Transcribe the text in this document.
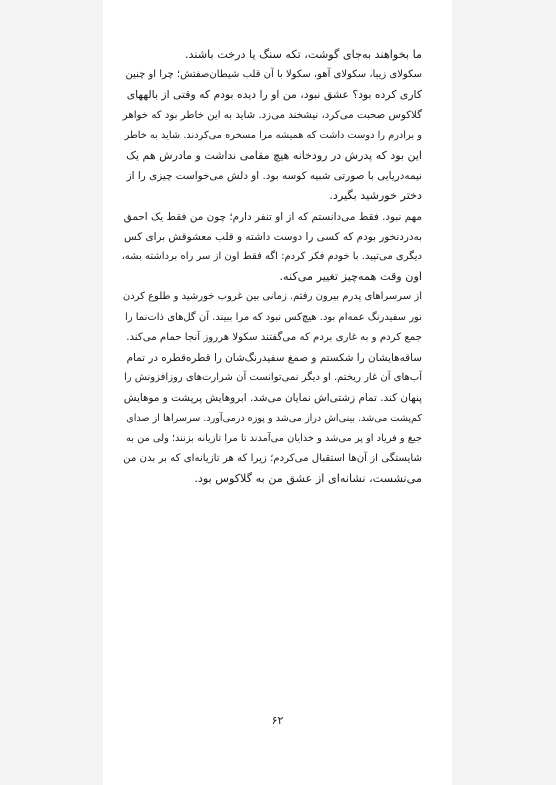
ما بخواهند به‌جای گوشت، تکه سنگ یا درخت باشند.
سکولای زیبا، سکولای آهو، سکولا با آن قلب شیطان‌صفتش؛ چرا او چنین
کاری کرده بود؟ عشق نبود، من او را دیده بودم که وقتی از بالههای
گلاکوس صحبت می‌کرد، نیشخند می‌زد. شاید به این خاطر بود که خواهر
و برادرم را دوست داشت که همیشه مرا مسخره می‌کردند. شاید به خاطر
این بود که پدرش در رودخانه هیچ مقامی نداشت و مادرش هم یک
نیمه‌دریایی با صورتی شبیه کوسه بود. او دلش می‌خواست چیزی را از
دختر خورشید بگیرد.
مهم نبود. فقط می‌دانستم که از او تنفر دارم؛ چون من فقط یک احمق
به‌دردنخور بودم که کسی را دوست داشته و قلب معشوقش برای کس
دیگری می‌تپید. با خودم فکر کردم: اگه فقط اون از سر راه برداشته بشه،
اون وقت همه‌چیز تغییر می‌کنه.
از سرسراهای پدرم بیرون رفتم. زمانی بین غروب خورشید و طلوع کردن
نور سفیدرنگ عمه‌ام بود. هیچ‌کس نبود که مرا ببیند. آن گل‌های ذات‌نما را
جمع کردم و به غاری بردم که می‌گفتند سکولا هرروز آنجا حمام می‌کند.
ساقه‌هایشان را شکستم و صمغ سفیدرنگ‌شان را قطره‌قطره در تمام
آب‌های آن غار ریختم. او دیگر نمی‌توانست آن شرارت‌های روزافزونش را
پنهان کند. تمام زشتی‌اش نمایان می‌شد. ابروهایش پرپشت و موهایش
کم‌پشت می‌شد. بینی‌اش دراز می‌شد و پوزه درمی‌آورد. سرسراها از صدای
جیغ و فریاد او پر می‌شد و خدایان می‌آمدند تا مرا تازیانه بزنند؛ ولی من به
شایستگی از آن‌ها استقبال می‌کردم؛ زیرا که هر تازیانه‌ای که بر بدن من
می‌نشست، نشانه‌ای از عشق من به گلاکوس بود.
۶۲
